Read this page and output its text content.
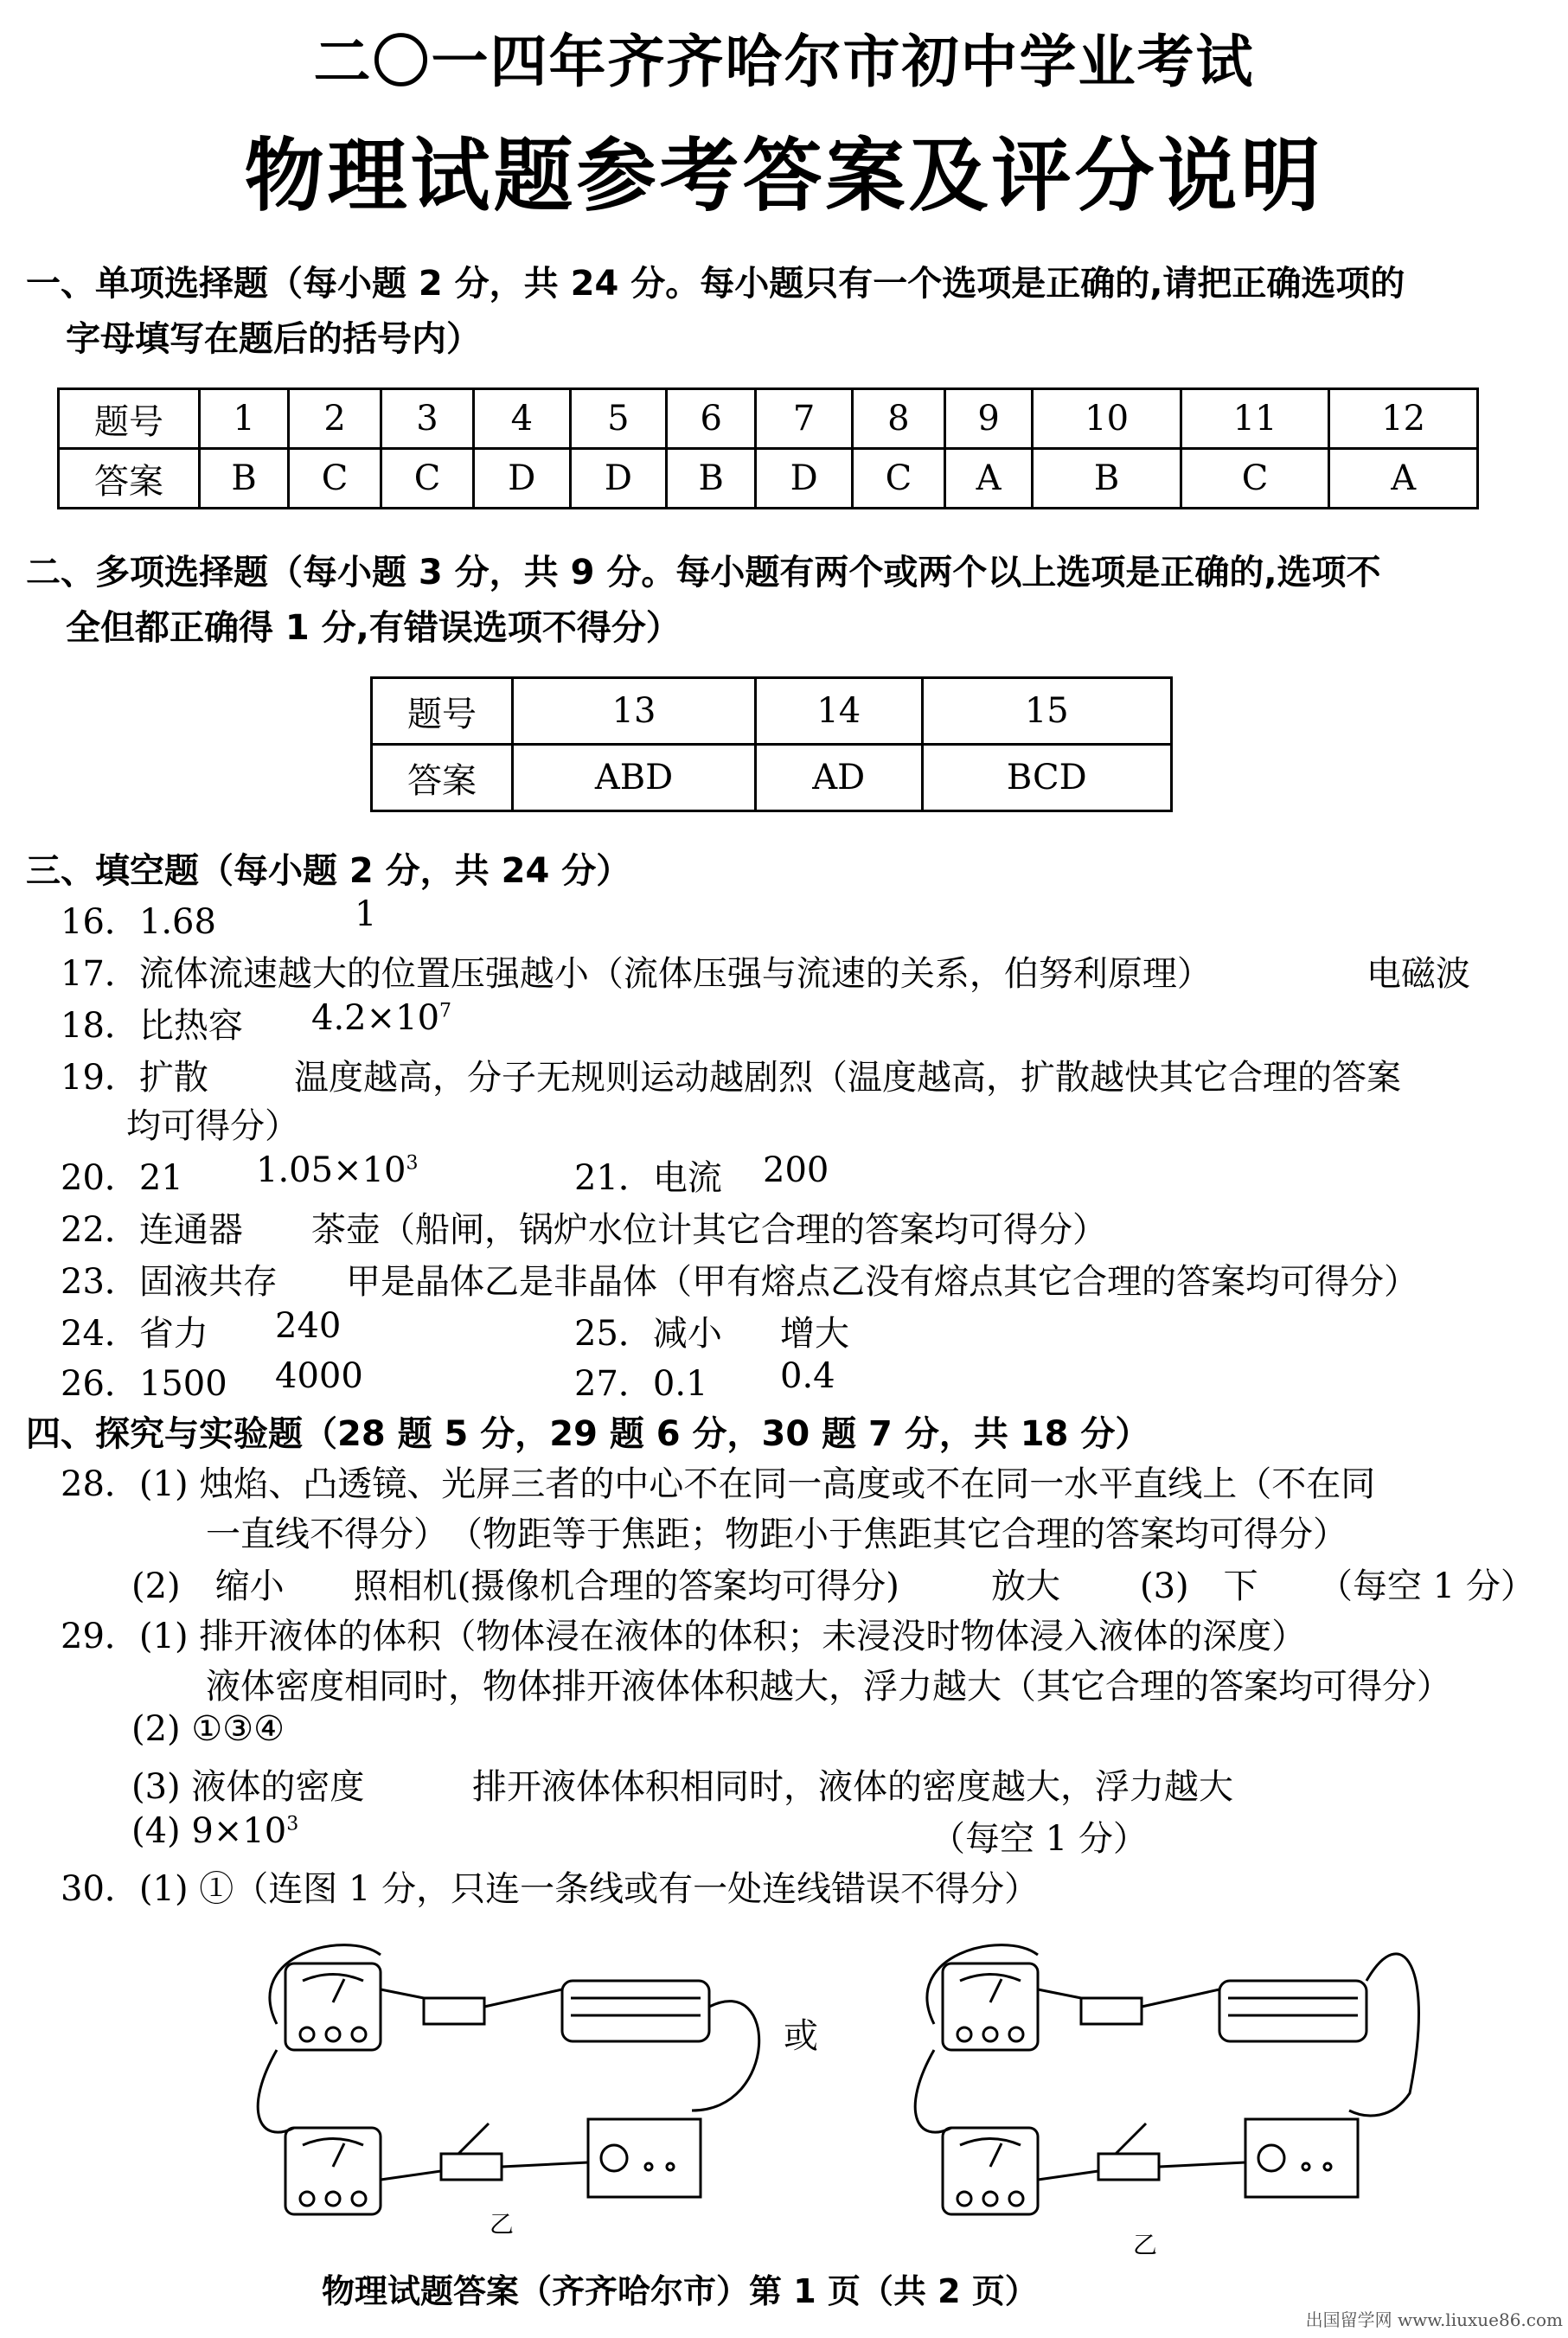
二〇一四年齐齐哈尔市初中学业考试
物理试题参考答案及评分说明
一、单项选择题（每小题 2 分，共 24 分。每小题只有一个选项是正确的,请把正确选项的
字母填写在题后的括号内）
题号	1	2	3	4	5	6	7	8	9	10	11	12
答案	B	C	C	D	D	B	D	C	A	B	C	A
二、多项选择题（每小题 3 分，共 9 分。每小题有两个或两个以上选项是正确的,选项不
全但都正确得 1 分,有错误选项不得分）
题号	13	14	15
答案	ABD	AD	BCD
三、填空题（每小题 2 分，共 24 分）
16．1.68	1
17．流体流速越大的位置压强越小（流体压强与流速的关系，伯努利原理）	电磁波
18．比热容 $4.2\times 10^7$
19．扩散 温度越高，分子无规则运动越剧烈（温度越高，扩散越快其它合理的答案
均可得分）
20．21 $1.05\times 10^3$	21．电流 200
22．连通器 茶壶（船闸，锅炉水位计其它合理的答案均可得分）
23．固液共存 甲是晶体乙是非晶体（甲有熔点乙没有熔点其它合理的答案均可得分）
24．省力 240	25．减小 增大
26．1500 4000	27．0.1 0.4
四、探究与实验题（28 题 5 分，29 题 6 分，30 题 7 分，共 18 分）
28．(1) 烛焰、凸透镜、光屏三者的中心不在同一高度或不在同一水平直线上（不在同
一直线不得分）　（物距等于焦距；物距小于焦距其它合理的答案均可得分）
(2)　缩小　　照相机(摄像机合理的答案均可得分)	放大 (3)　下 （每空 1 分）
29．(1) 排开液体的体积（物体浸在液体的体积；未浸没时物体浸入液体的深度）
液体密度相同时，物体排开液体体积越大，浮力越大（其它合理的答案均可得分）
(2) ①③④
(3) 液体的密度	排开液体体积相同时，液体的密度越大，浮力越大
(4) $9\times 10^3$	（每空 1 分）
30．(1) ①（连图 1 分，只连一条线或有一处连线错误不得分）
或
乙
乙
物理试题答案（齐齐哈尔市）第 1 页（共 2 页）
出国留学网 www.liuxue86.com
